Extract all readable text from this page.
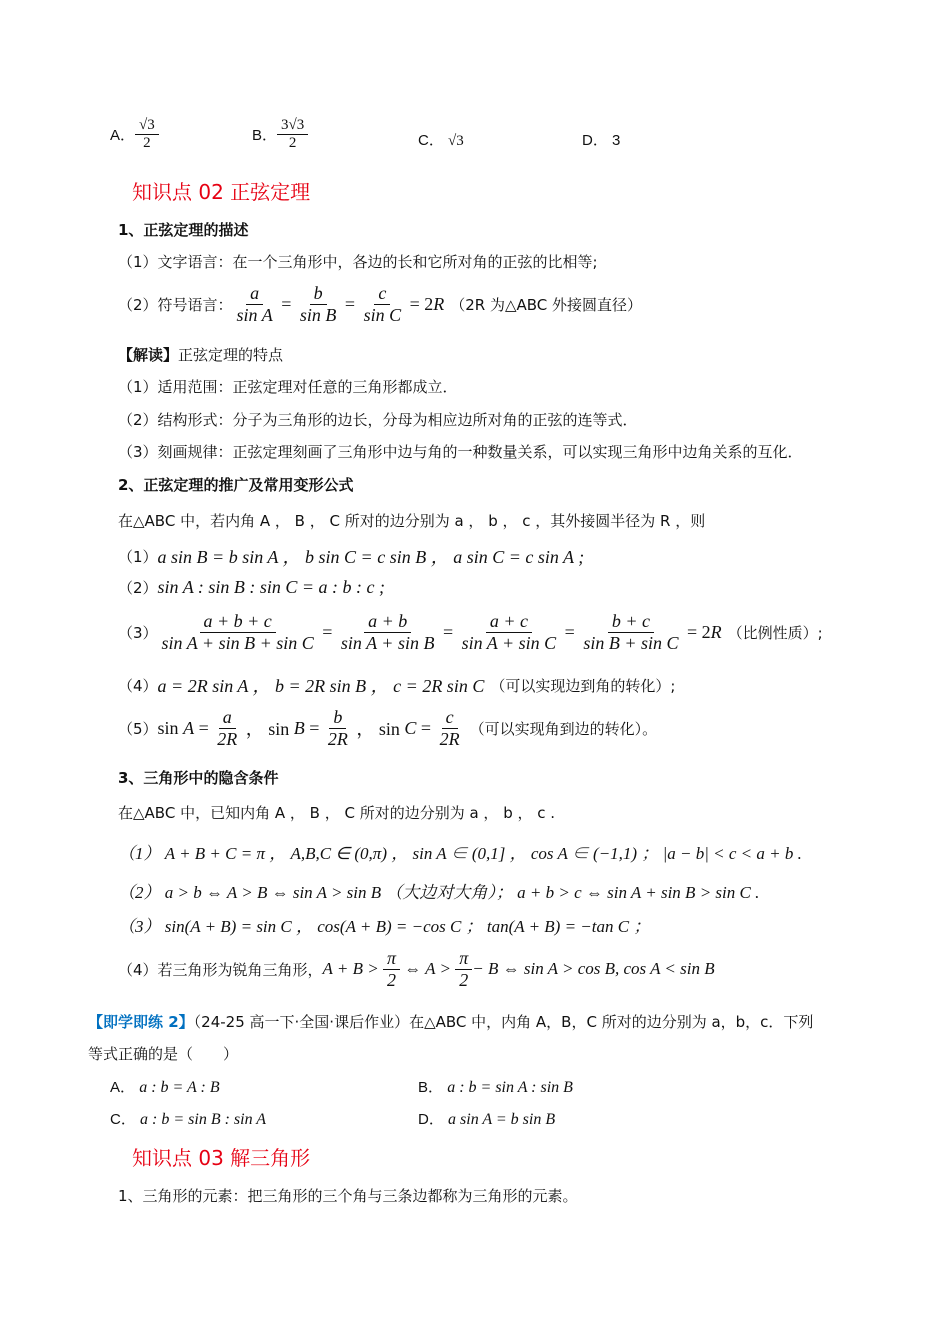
A． $\frac{√3}{2}$	B． $\frac{3√3}{2}$	C． √3	D． 3
知识点 02 正弦定理
1、正弦定理的描述
（1）文字语言：在一个三角形中，各边的长和它所对角的正弦的比相等;
（2）符号语言： $\frac{a}{\text{sin A}} = \frac{b}{\text{sin B}} = \frac{c}{\text{sin C}} = 2$ R （2R 为△ABC 外接圆直径）
【解读】正弦定理的特点
（1）适用范围：正弦定理对任意的三角形都成立．
（2）结构形式：分子为三角形的边长，分母为相应边所对角的正弦的连等式．
（3）刻画规律：正弦定理刻画了三角形中边与角的一种数量关系，可以实现三角形中边角关系的互化．
2、正弦定理的推广及常用变形公式
在△ABC 中，若内角 A ， B ， C 所对的边分别为 a ， b ， c ，其外接圆半径为 R ，则
（1） a sin B = b sin A ， b sin C = c sin B ， a sin C = c sin A ;
（2） sin A : sin B : sin C = a : b : c ;
$(3) \frac{a + b + c}{\text{sin A + sin B + sin C}} = \frac{a + b}{\text{sin A + sin B}} = \frac{a + c}{\text{sin A + sin C}} = \frac{b + c}{\text{sin B + sin C}} = 2$ R （比例性质）;
（4） a = 2R sin A ， b = 2R sin B ， c = 2R sin C （可以实现边到角的转化）;
（5） $\sin A = \frac{a}{2R}$ ， $\sin B = \frac{b}{2R}$ ， $\sin C = \frac{c}{2R}$ （可以实现角到边的转化）。
3、三角形中的隐含条件
在△ABC 中，已知内角 A ， B ， C 所对的边分别为 a ， b ， c .
（1） A + B + C = π ， A,B,C ∈ (0,π) ， sin A ∈ (0,1] ， cos A ∈ (−1,1) ； |a − b| < c < a + b .
（2） a > b ⇔ A > B ⇔ sin A > sin B （大边对大角）； a + b > c ⇔ sin A + sin B > sin C .
（3） sin(A + B) = sin C ， cos(A + B) = −cos C ； tan(A + B) = −tan C ；
（4）若三角形为锐角三角形， $A + B > \frac{\pi}{2}$ ⇔ $A > \frac{\pi}{2} - B$ ⇔ sin A > cos B, cos A < sin B
【即学即练 2】（24-25 高一下·全国·课后作业）在△ABC 中，内角 A，B，C 所对的边分别为 a，b，c．下列
等式正确的是（　　）
A． a : b = A : B	B． a : b = sin A : sin B
C． a : b = sin B : sin A	D． a sin A = b sin B
知识点 03 解三角形
1、三角形的元素：把三角形的三个角与三条边都称为三角形的元素。
